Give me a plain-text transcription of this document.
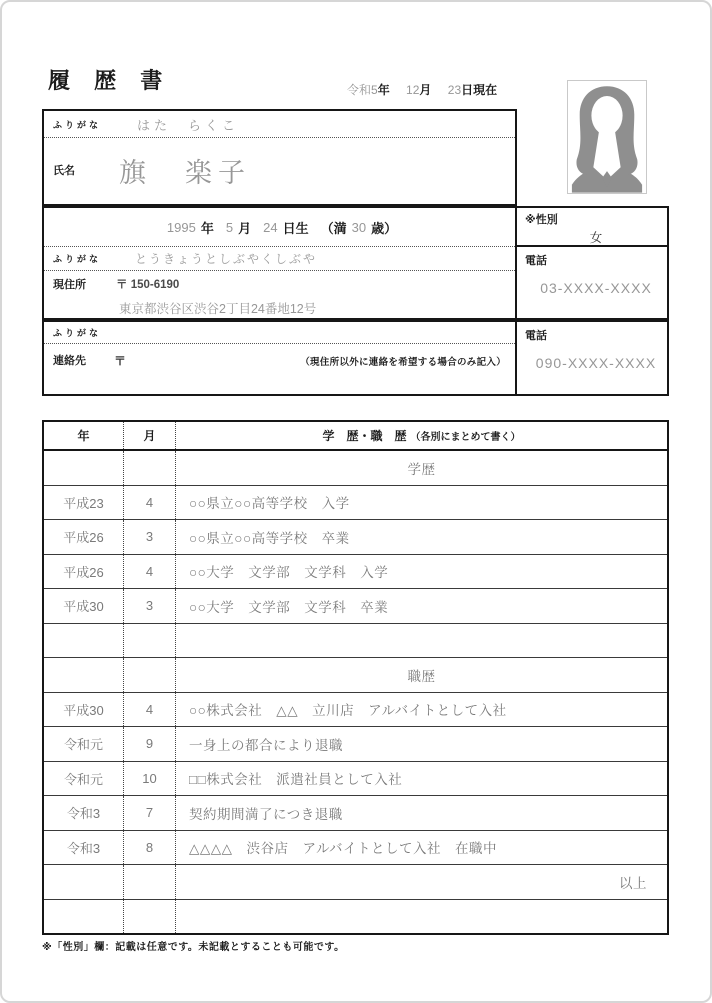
履 歴 書	令和5年 12月 23日現在
ふりがな	はた　らくこ
氏名 旗　楽子
1995 年 5 月 24 日生 （満 30 歳）
ふりがな	とうきょうとしぶやくしぶや
現住所	〒 150-6190
東京都渋谷区渋谷2丁目24番地12号
※性別
女
電話
03-XXXX-XXXX
ふりがな
連絡先 〒	（現住所以外に連絡を希望する場合のみ記入）
電話
090-XXXX-XXXX
年	月	学　歴・職　歴 （各別にまとめて書く）
学歴
平成23	4	○○県立○○高等学校　入学
平成26	3	○○県立○○高等学校　卒業
平成26	4	○○大学　文学部　文学科　入学
平成30	3	○○大学　文学部　文学科　卒業
職歴
平成30	4	○○株式会社　△△　立川店　アルバイトとして入社
令和元	9	一身上の都合により退職
令和元	10	□□株式会社　派遣社員として入社
令和3	7	契約期間満了につき退職
令和3	8	△△△△　渋谷店　アルバイトとして入社　在職中
以上
※「性別」欄：記載は任意です。未記載とすることも可能です。
